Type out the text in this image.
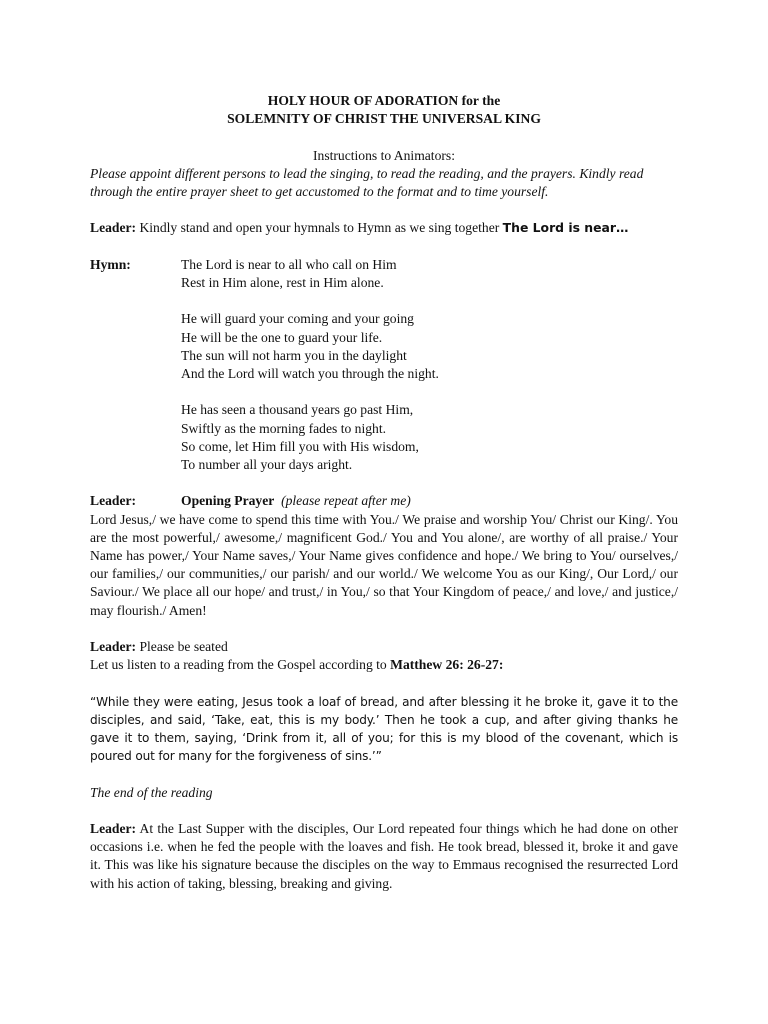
HOLY HOUR OF ADORATION for the
SOLEMNITY OF CHRIST THE UNIVERSAL KING
Instructions to Animators:
Please appoint different persons to lead the singing, to read the reading, and the prayers. Kindly read through the entire prayer sheet to get accustomed to the format and to time yourself.
Leader: Kindly stand and open your hymnals to Hymn as we sing together The Lord is near…
Hymn:	The Lord is near to all who call on Him
Rest in Him alone, rest in Him alone.
He will guard your coming and your going
He will be the one to guard your life.
The sun will not harm you in the daylight
And the Lord will watch you through the night.
He has seen a thousand years go past Him,
Swiftly as the morning fades to night.
So come, let Him fill you with His wisdom,
To number all your days aright.
Leader:	Opening Prayer (please repeat after me)
Lord Jesus,/ we have come to spend this time with You./ We praise and worship You/ Christ our King/. You are the most powerful,/ awesome,/ magnificent God./ You and You alone/, are worthy of all praise./ Your Name has power,/ Your Name saves,/ Your Name gives confidence and hope./ We bring to You/ ourselves,/ our families,/ our communities,/ our parish/ and our world./ We welcome You as our King/, Our Lord,/ our Saviour./ We place all our hope/ and trust,/ in You,/ so that Your Kingdom of peace,/ and love,/ and justice,/ may flourish./ Amen!
Leader: Please be seated
Let us listen to a reading from the Gospel according to Matthew 26: 26-27:
“While they were eating, Jesus took a loaf of bread, and after blessing it he broke it, gave it to the disciples, and said, ‘Take, eat, this is my body.’ Then he took a cup, and after giving thanks he gave it to them, saying, ‘Drink from it, all of you; for this is my blood of the covenant, which is poured out for many for the forgiveness of sins.’”
The end of the reading
Leader: At the Last Supper with the disciples, Our Lord repeated four things which he had done on other occasions i.e. when he fed the people with the loaves and fish. He took bread, blessed it, broke it and gave it. This was like his signature because the disciples on the way to Emmaus recognised the resurrected Lord with his action of taking, blessing, breaking and giving.
